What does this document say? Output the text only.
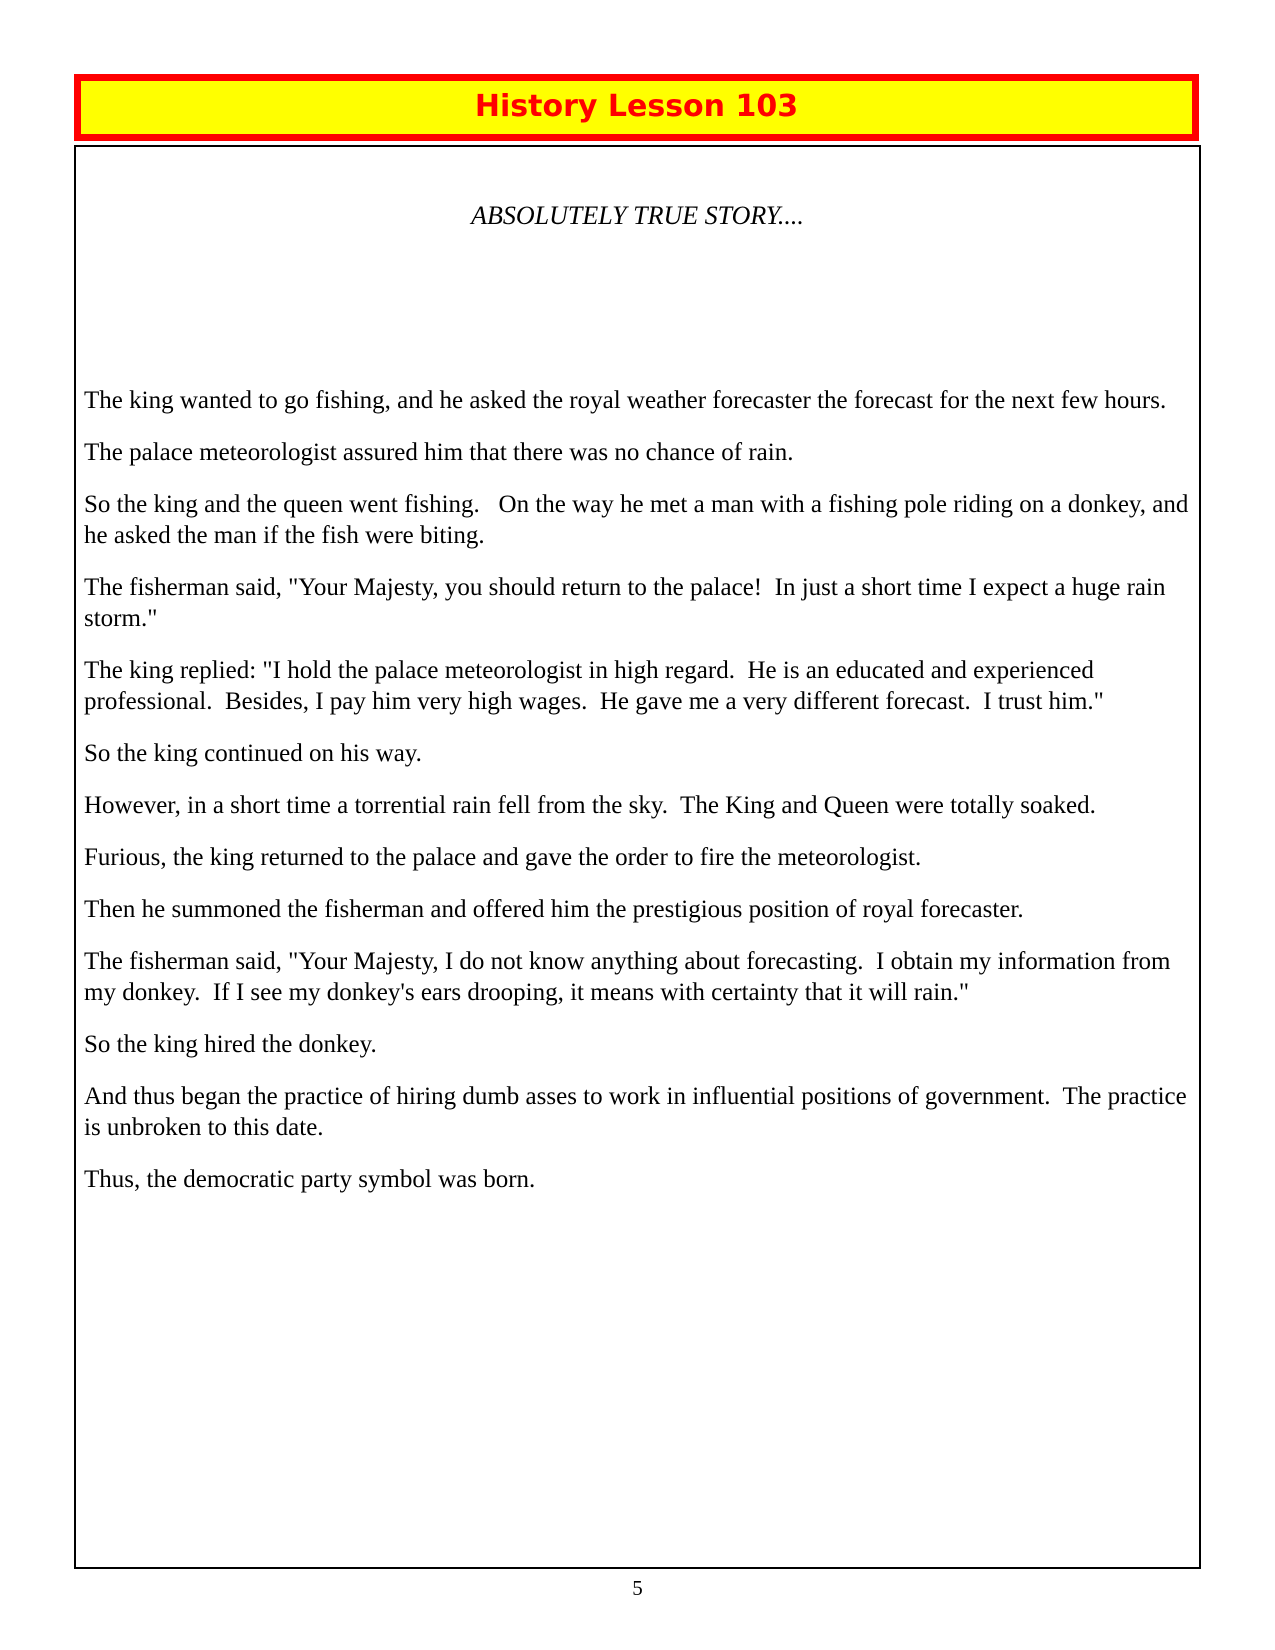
History Lesson 103
ABSOLUTELY TRUE STORY....

The king wanted to go fishing, and he asked the royal weather forecaster the forecast for the next few hours.

The palace meteorologist assured him that there was no chance of rain.

So the king and the queen went fishing.   On the way he met a man with a fishing pole riding on a donkey, and he asked the man if the fish were biting.

The fisherman said, "Your Majesty, you should return to the palace!  In just a short time I expect a huge rain storm."

The king replied: "I hold the palace meteorologist in high regard.  He is an educated and experienced professional.  Besides, I pay him very high wages.  He gave me a very different forecast.  I trust him."

So the king continued on his way.

However, in a short time a torrential rain fell from the sky.  The King and Queen were totally soaked.

Furious, the king returned to the palace and gave the order to fire the meteorologist.

Then he summoned the fisherman and offered him the prestigious position of royal forecaster.

The fisherman said, "Your Majesty, I do not know anything about forecasting.  I obtain my information from my donkey.  If I see my donkey's ears drooping, it means with certainty that it will rain."

So the king hired the donkey.

And thus began the practice of hiring dumb asses to work in influential positions of government.  The practice is unbroken to this date.

Thus, the democratic party symbol was born.

5
